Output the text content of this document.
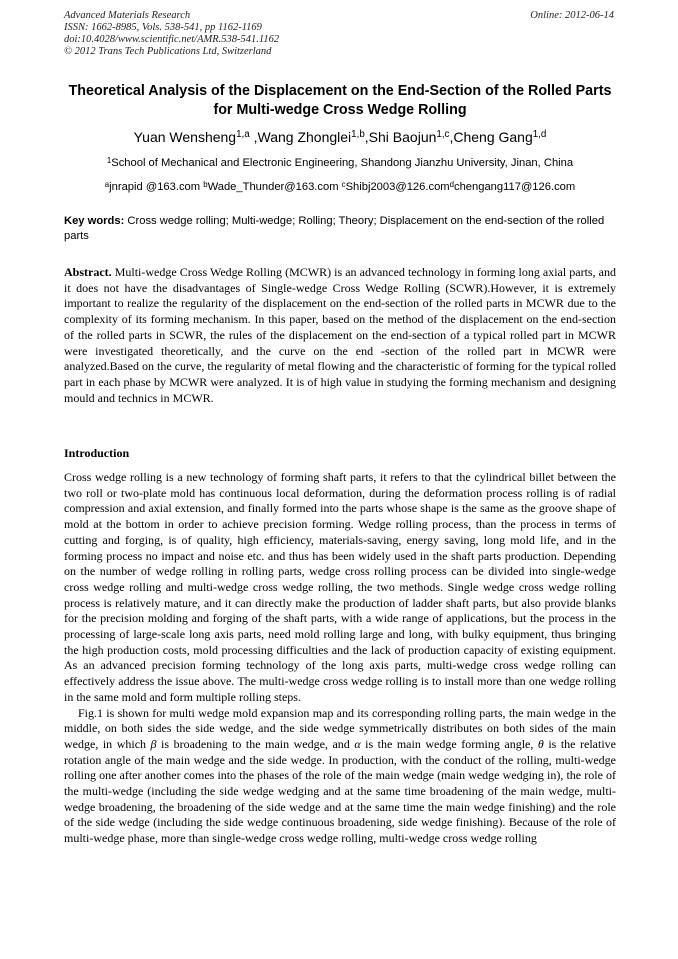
Advanced Materials Research
ISSN: 1662-8985, Vols. 538-541, pp 1162-1169
doi:10.4028/www.scientific.net/AMR.538-541.1162
© 2012 Trans Tech Publications Ltd, Switzerland
Online: 2012-06-14
Theoretical Analysis of the Displacement on the End-Section of the Rolled Parts for Multi-wedge Cross Wedge Rolling
Yuan Wensheng$^{1,a}$ ,Wang Zhonglei$^{1,b}$,Shi Baojun$^{1,c}$,Cheng Gang$^{1,d}$
$^1$School of Mechanical and Electronic Engineering, Shandong Jianzhu University, Jinan, China
$^a$jnrapid @163.com $^b$Wade_Thunder@163.com $^c$Shibj2003@126.com$^d$chengang117@126.com
Key words: Cross wedge rolling; Multi-wedge; Rolling; Theory; Displacement on the end-section of the rolled parts
Abstract. Multi-wedge Cross Wedge Rolling (MCWR) is an advanced technology in forming long axial parts, and it does not have the disadvantages of Single-wedge Cross Wedge Rolling (SCWR).However, it is extremely important to realize the regularity of the displacement on the end-section of the rolled parts in MCWR due to the complexity of its forming mechanism. In this paper, based on the method of the displacement on the end-section of the rolled parts in SCWR, the rules of the displacement on the end-section of a typical rolled part in MCWR were investigated theoretically, and the curve on the end -section of the rolled part in MCWR were analyzed.Based on the curve, the regularity of metal flowing and the characteristic of forming for the typical rolled part in each phase by MCWR were analyzed. It is of high value in studying the forming mechanism and designing mould and technics in MCWR.
Introduction

Cross wedge rolling is a new technology of forming shaft parts, it refers to that the cylindrical billet between the two roll or two-plate mold has continuous local deformation, during the deformation process rolling is of radial compression and axial extension, and finally formed into the parts whose shape is the same as the groove shape of mold at the bottom in order to achieve precision forming. Wedge rolling process, than the process in terms of cutting and forging, is of quality, high efficiency, materials-saving, energy saving, long mold life, and in the forming process no impact and noise etc. and thus has been widely used in the shaft parts production. Depending on the number of wedge rolling in rolling parts, wedge cross rolling process can be divided into single-wedge cross wedge rolling and multi-wedge cross wedge rolling, the two methods. Single wedge cross wedge rolling process is relatively mature, and it can directly make the production of ladder shaft parts, but also provide blanks for the precision molding and forging of the shaft parts, with a wide range of applications, but the process in the processing of large-scale long axis parts, need mold rolling large and long, with bulky equipment, thus bringing the high production costs, mold processing difficulties and the lack of production capacity of existing equipment. As an advanced precision forming technology of the long axis parts, multi-wedge cross wedge rolling can effectively address the issue above. The multi-wedge cross wedge rolling is to install more than one wedge rolling in the same mold and form multiple rolling steps.

Fig.1 is shown for multi wedge mold expansion map and its corresponding rolling parts, the main wedge in the middle, on both sides the side wedge, and the side wedge symmetrically distributes on both sides of the main wedge, in which β is broadening to the main wedge, and α is the main wedge forming angle, θ is the relative rotation angle of the main wedge and the side wedge. In production, with the conduct of the rolling, multi-wedge rolling one after another comes into the phases of the role of the main wedge (main wedge wedging in), the role of the multi-wedge (including the side wedge wedging and at the same time broadening of the main wedge, multi-wedge broadening, the broadening of the side wedge and at the same time the main wedge finishing) and the role of the side wedge (including the side wedge continuous broadening, side wedge finishing). Because of the role of multi-wedge phase, more than single-wedge cross wedge rolling, multi-wedge cross wedge rolling
